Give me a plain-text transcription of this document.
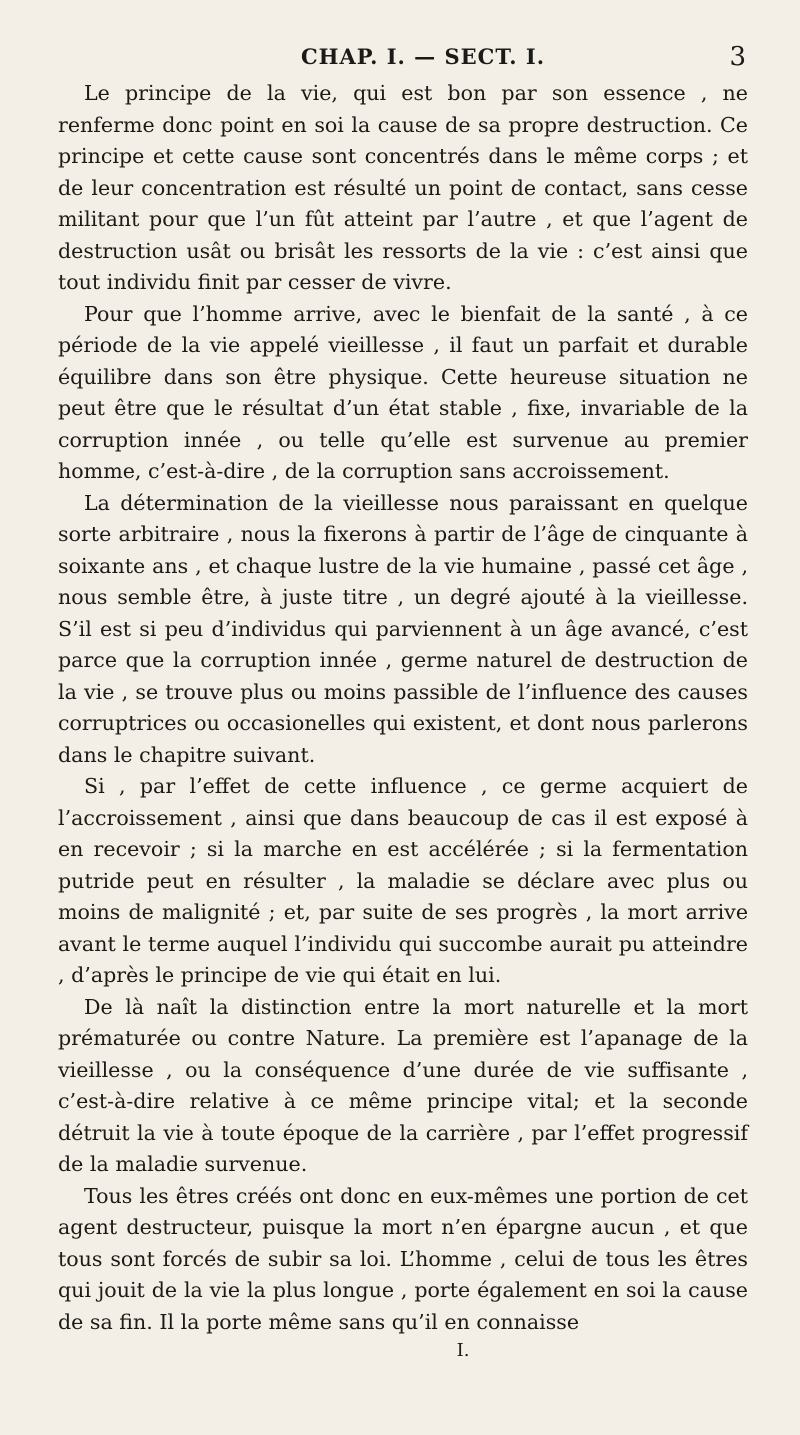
CHAP. I. — SECT. I.	3

Le principe de la vie, qui est bon par son essence , ne renferme donc point en soi la cause de sa propre destruction. Ce principe et cette cause sont concentrés dans le même corps ; et de leur concentration est résulté un point de contact, sans cesse militant pour que l’un fût atteint par l’autre , et que l’agent de destruction usât ou brisât les ressorts de la vie : c’est ainsi que tout individu finit par cesser de vivre.

Pour que l’homme arrive, avec le bienfait de la santé , à ce période de la vie appelé vieillesse , il faut un parfait et durable équilibre dans son être physique. Cette heureuse situation ne peut être que le résultat d’un état stable , fixe, invariable de la corruption innée , ou telle qu’elle est survenue au premier homme, c’est-à-dire , de la corruption sans accroissement.

La détermination de la vieillesse nous paraissant en quelque sorte arbitraire , nous la fixerons à partir de l’âge de cinquante à soixante ans , et chaque lustre de la vie humaine , passé cet âge , nous semble être, à juste titre , un degré ajouté à la vieillesse. S’il est si peu d’individus qui parviennent à un âge avancé, c’est parce que la corruption innée , germe naturel de destruction de la vie , se trouve plus ou moins passible de l’influence des causes corruptrices ou occasionelles qui existent, et dont nous parlerons dans le chapitre suivant.

Si , par l’effet de cette influence , ce germe acquiert de l’accroissement , ainsi que dans beaucoup de cas il est exposé à en recevoir ; si la marche en est accélérée ; si la fermentation putride peut en résulter , la maladie se déclare avec plus ou moins de malignité ; et, par suite de ses progrès , la mort arrive avant le terme auquel l’individu qui succombe aurait pu atteindre , d’après le principe de vie qui était en lui.

De là naît la distinction entre la mort naturelle et la mort prématurée ou contre Nature. La première est l’apanage de la vieillesse , ou la conséquence d’une durée de vie suffisante , c’est-à-dire relative à ce même principe vital; et la seconde détruit la vie à toute époque de la carrière , par l’effet progressif de la maladie survenue.

Tous les êtres créés ont donc en eux-mêmes une portion de cet agent destructeur, puisque la mort n’en épargne aucun , et que tous sont forcés de subir sa loi. L’homme , celui de tous les êtres qui jouit de la vie la plus longue , porte également en soi la cause de sa fin. Il la porte même sans qu’il en connaisse

I.
